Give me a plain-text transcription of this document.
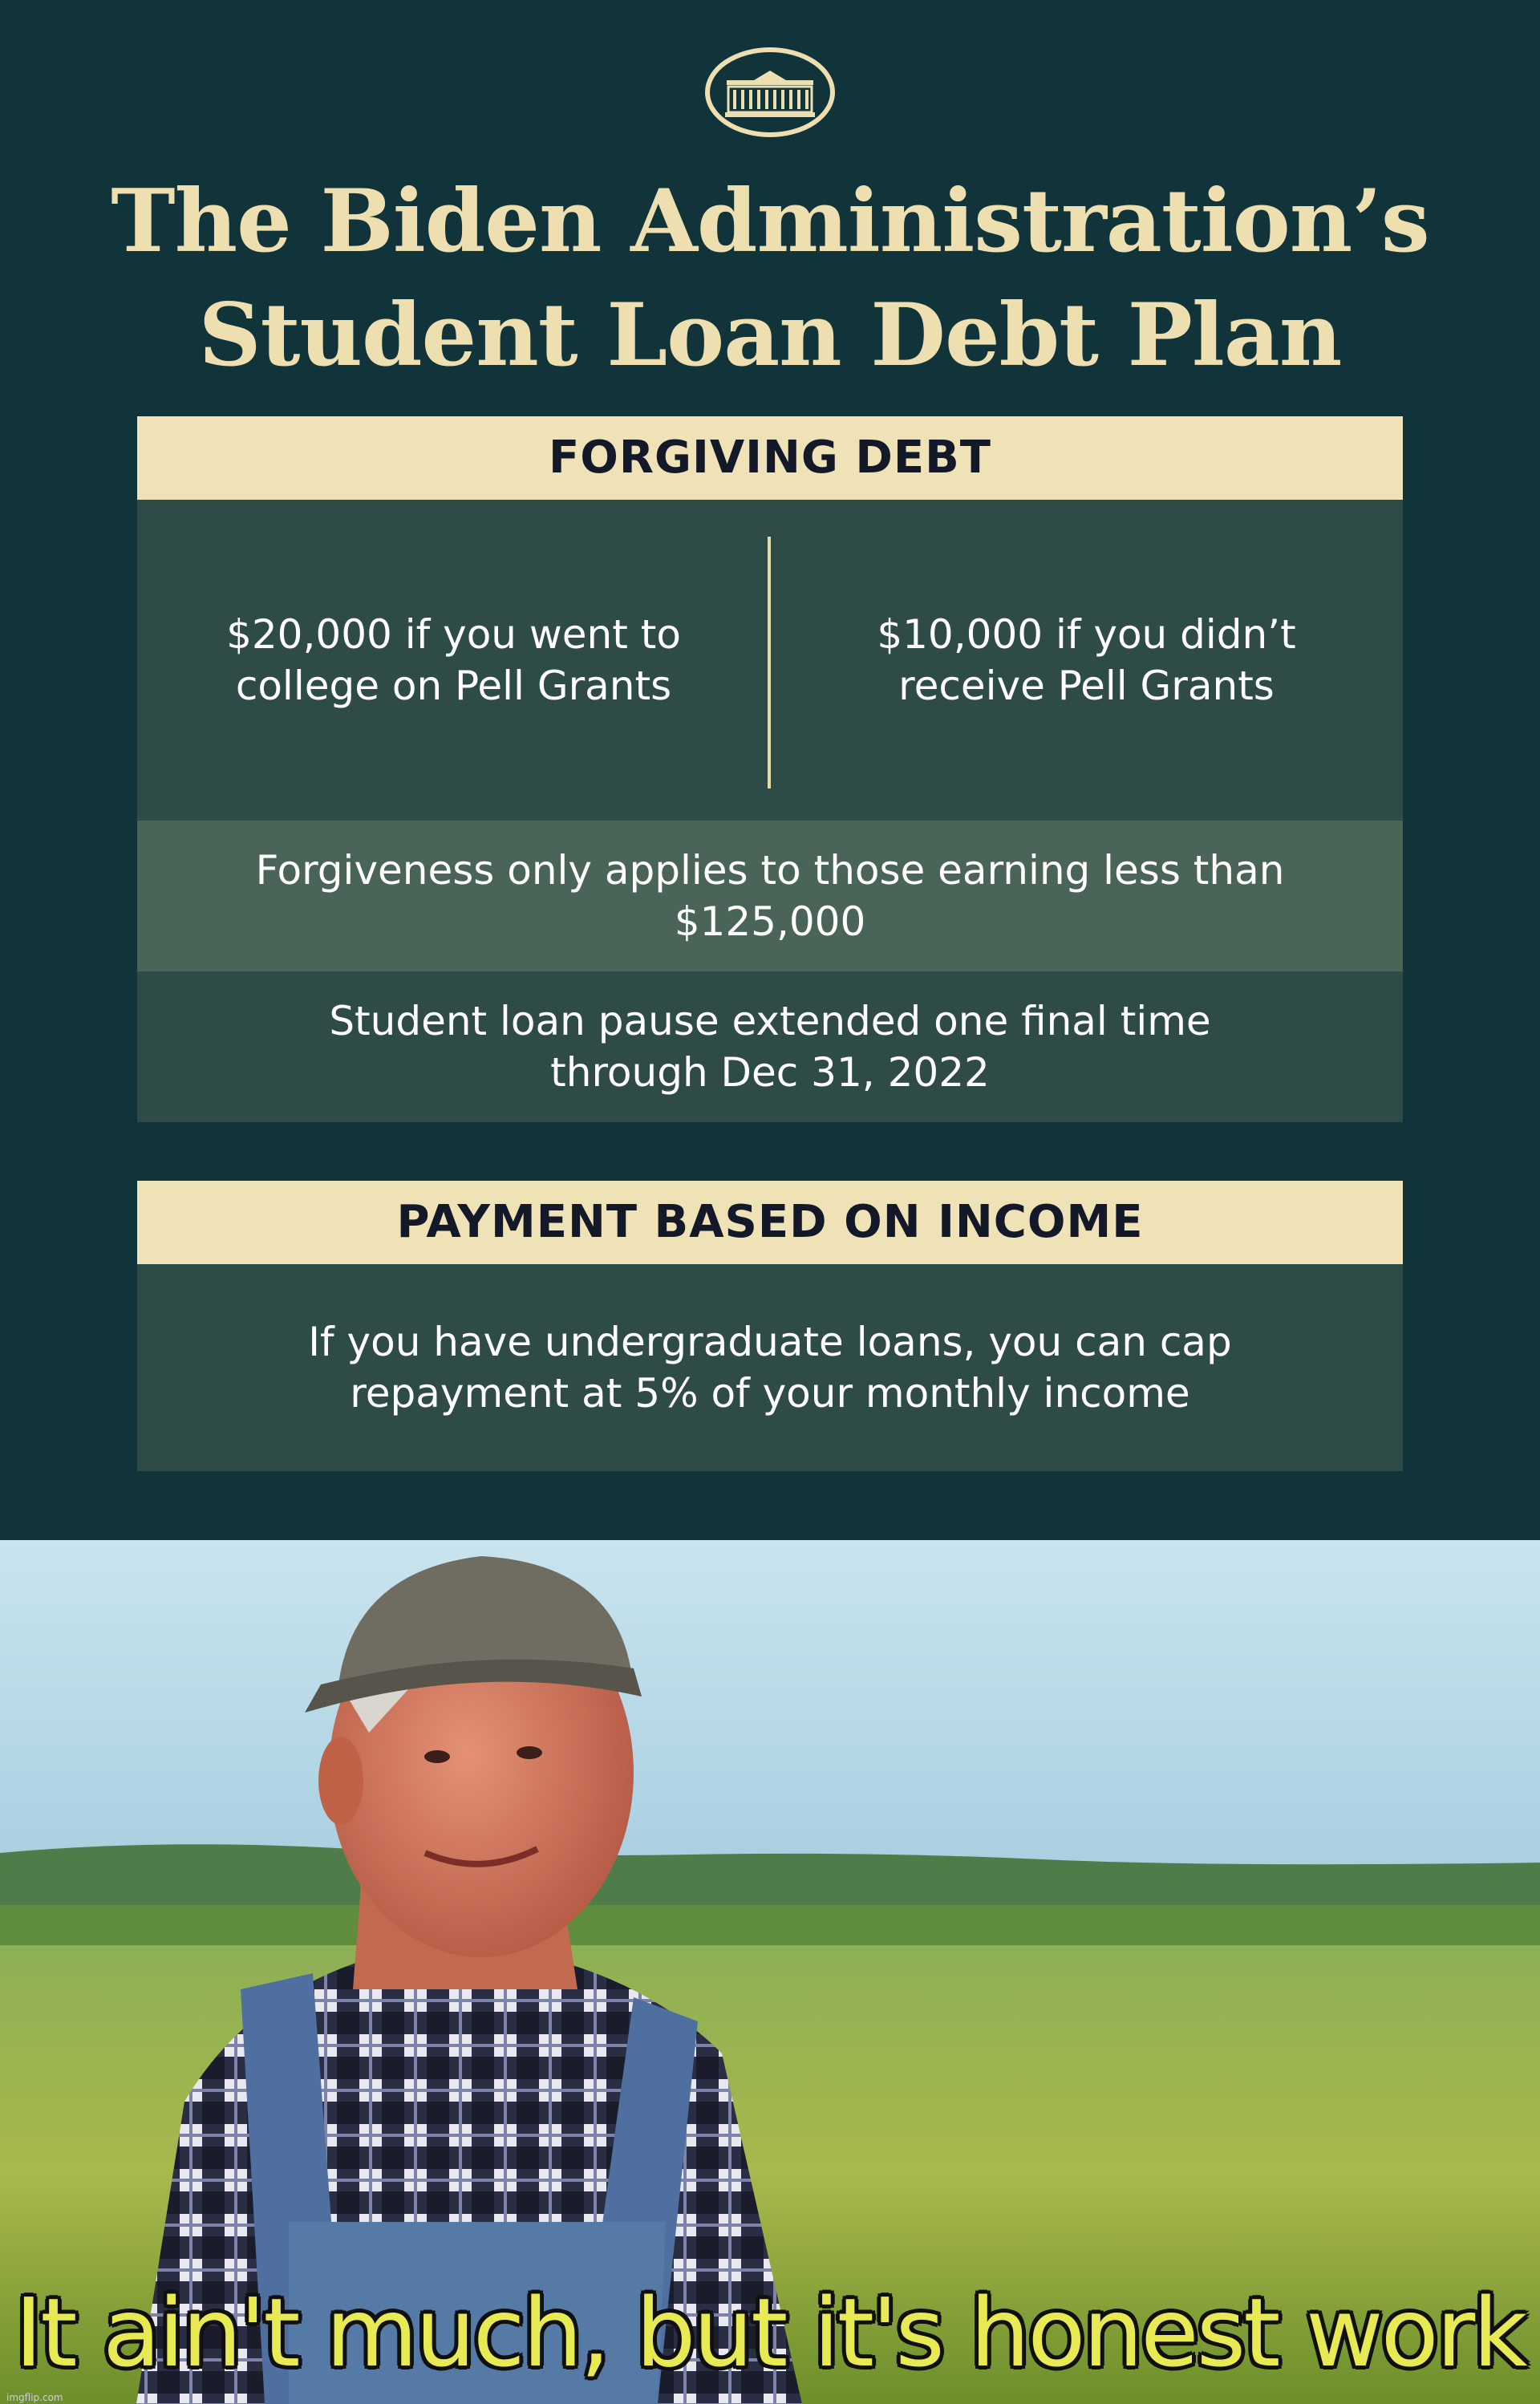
The Biden Administration’s
Student Loan Debt Plan
FORGIVING DEBT
$20,000 if you went to college on Pell Grants
$10,000 if you didn’t receive Pell Grants
Forgiveness only applies to those earning less than $125,000
Student loan pause extended one final time through Dec 31, 2022
PAYMENT BASED ON INCOME
If you have undergraduate loans, you can cap repayment at 5% of your monthly income
It ain't much, but it's honest work
imgflip.com
